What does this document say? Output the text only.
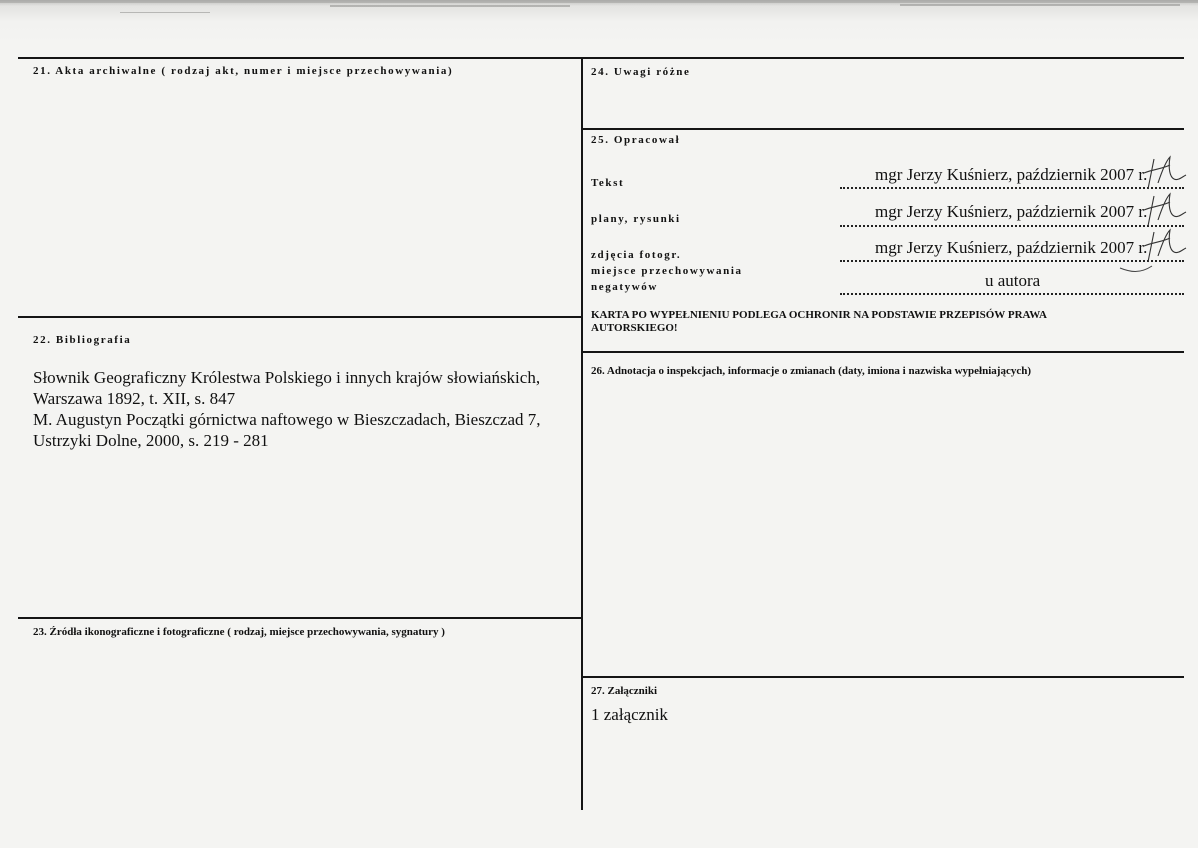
21. Akta archiwalne ( rodzaj akt, numer i miejsce przechowywania)
22. Bibliografia
Słownik Geograficzny Królestwa Polskiego i innych krajów słowiańskich,
Warszawa 1892, t. XII, s. 847
M. Augustyn Początki górnictwa naftowego w Bieszczadach, Bieszczad 7,
Ustrzyki Dolne, 2000, s. 219 - 281
23. Źródła ikonograficzne i fotograficzne ( rodzaj, miejsce przechowywania, sygnatury )
24. Uwagi różne
25. Opracował
Tekst	mgr Jerzy Kuśnierz, październik 2007 r.
plany, rysunki	mgr Jerzy Kuśnierz, październik 2007 r.
zdjęcia fotogr.	mgr Jerzy Kuśnierz, październik 2007 r.
miejsce przechowywania
negatywów	u autora
KARTA PO WYPEŁNIENIU PODLEGA OCHRONIR NA PODSTAWIE PRZEPISÓW PRAWA
AUTORSKIEGO!
26. Adnotacja o inspekcjach, informacje o zmianach (daty, imiona i nazwiska wypełniających)
27. Załączniki
1 załącznik
